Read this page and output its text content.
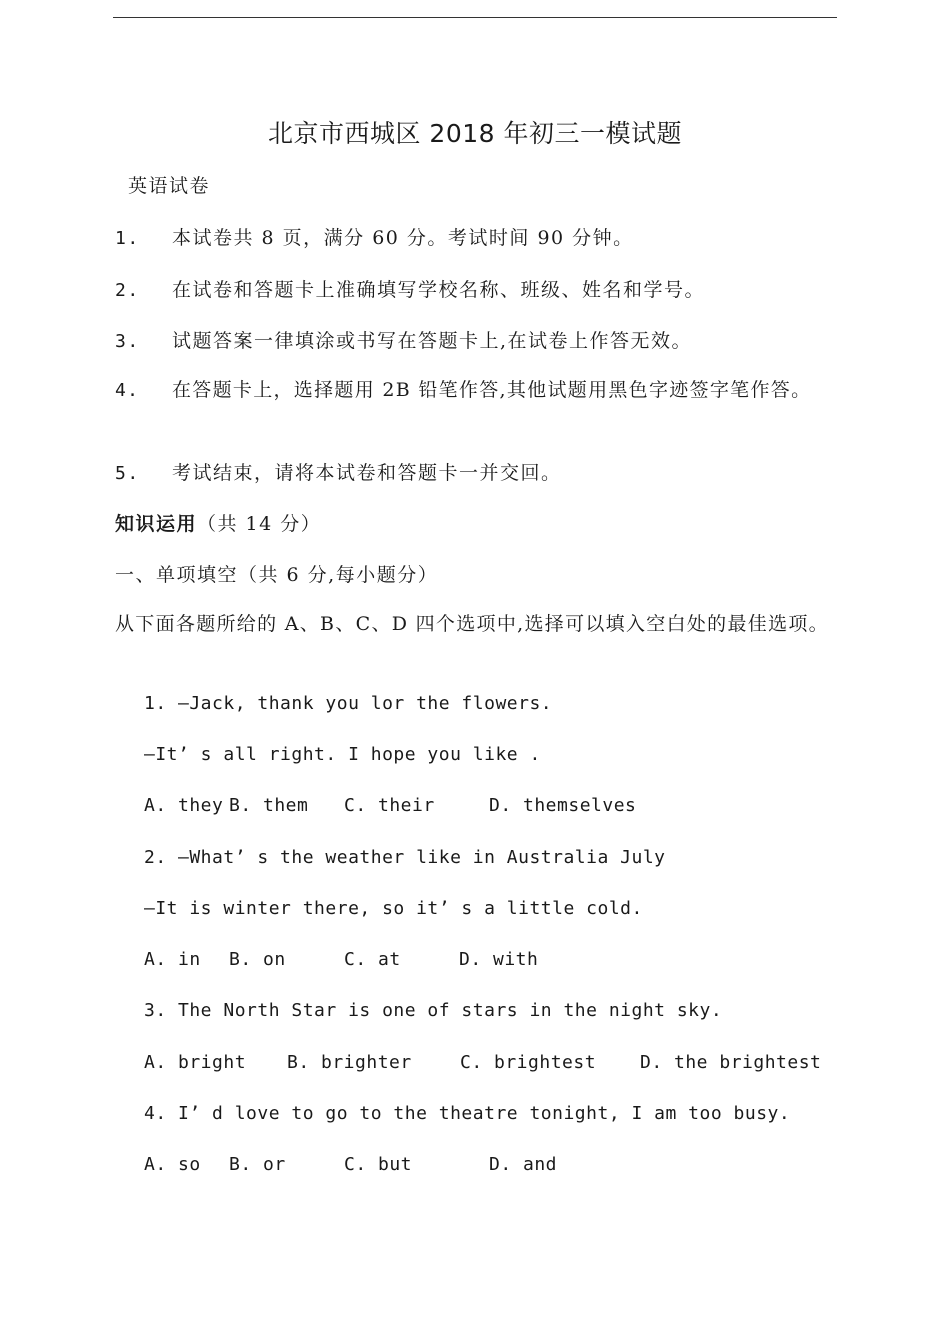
北京市西城区 2018 年初三一模试题
英语试卷
1. 本试卷共 8 页，满分 60 分。考试时间 90 分钟。
2. 在试卷和答题卡上准确填写学校名称、班级、姓名和学号。
3. 试题答案一律填涂或书写在答题卡上,在试卷上作答无效。
4. 在答题卡上，选择题用 2B 铅笔作答,其他试题用黑色字迹签字笔作答。
5. 考试结束，请将本试卷和答题卡一并交回。
知识运用（共 14 分）
一、单项填空（共 6 分,每小题分）
从下面各题所给的 A、B、C、D 四个选项中,选择可以填入空白处的最佳选项。
1. —Jack, thank you lor the flowers.
—It’ s all right. I hope you like .
A. they B. them C. their	D. themselves
2. —What’ s the weather like in Australia July
—It is winter there, so it’ s a little cold.
A. in B. on	C. at	D. with
3. The North Star is one of stars in the night sky.
A. bright B. brighter	C. brightest D. the brightest
4. I’ d love to go to the theatre tonight, I am too busy.
A. so B. or	C. but	D. and
